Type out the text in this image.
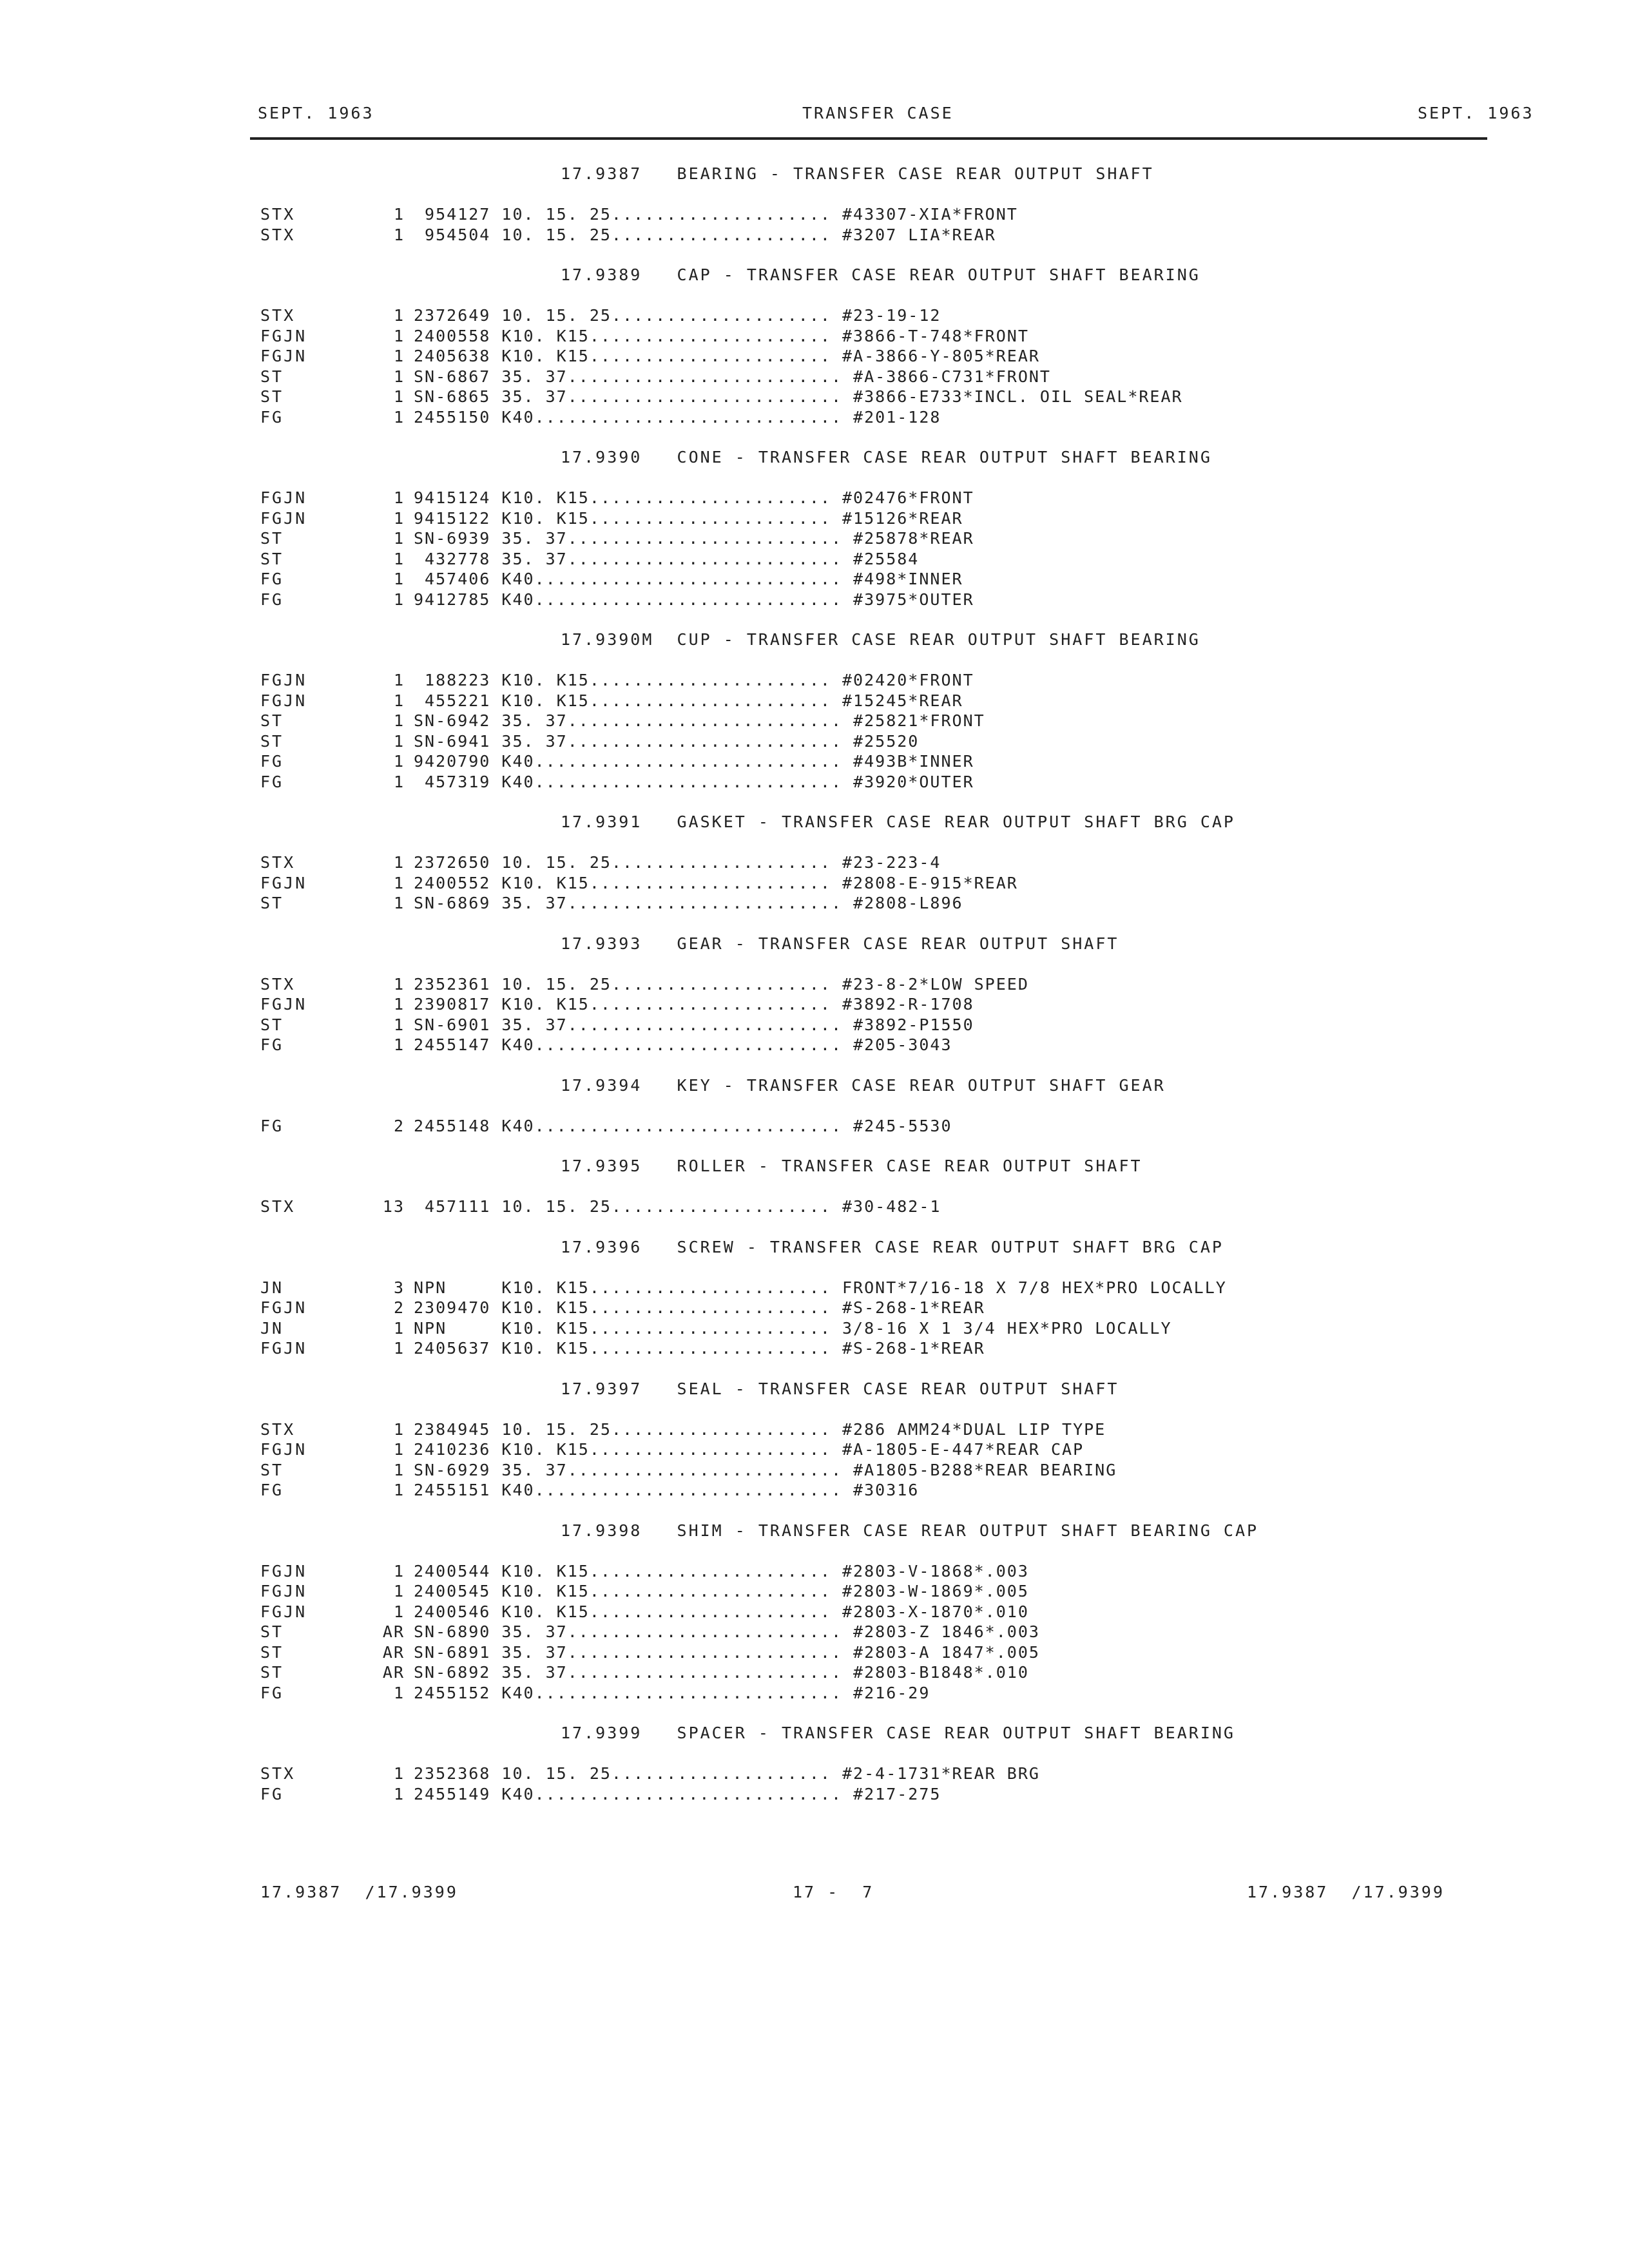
SEPT. 1963	TRANSFER CASE	SEPT. 1963
17.9387   BEARING - TRANSFER CASE REAR OUTPUT SHAFT
STX	1 954127 10. 15. 25.................... #43307-XIA*FRONT
STX	1 954504 10. 15. 25.................... #3207 LIA*REAR
17.9389   CAP - TRANSFER CASE REAR OUTPUT SHAFT BEARING
STX	1 2372649 10. 15. 25.................... #23-19-12
FGJN	1 2400558 K10. K15...................... #3866-T-748*FRONT
FGJN	1 2405638 K10. K15...................... #A-3866-Y-805*REAR
ST	1 SN-6867 35. 37......................... #A-3866-C731*FRONT
ST	1 SN-6865 35. 37......................... #3866-E733*INCL. OIL SEAL*REAR
FG	1 2455150 K40............................ #201-128
17.9390   CONE - TRANSFER CASE REAR OUTPUT SHAFT BEARING
FGJN	1 9415124 K10. K15...................... #02476*FRONT
FGJN	1 9415122 K10. K15...................... #15126*REAR
ST	1 SN-6939 35. 37......................... #25878*REAR
ST	1 432778 35. 37......................... #25584
FG	1 457406 K40............................ #498*INNER
FG	1 9412785 K40............................ #3975*OUTER
17.9390M  CUP - TRANSFER CASE REAR OUTPUT SHAFT BEARING
FGJN	1 188223 K10. K15...................... #02420*FRONT
FGJN	1 455221 K10. K15...................... #15245*REAR
ST	1 SN-6942 35. 37......................... #25821*FRONT
ST	1 SN-6941 35. 37......................... #25520
FG	1 9420790 K40............................ #493B*INNER
FG	1 457319 K40............................ #3920*OUTER
17.9391   GASKET - TRANSFER CASE REAR OUTPUT SHAFT BRG CAP
STX	1 2372650 10. 15. 25.................... #23-223-4
FGJN	1 2400552 K10. K15...................... #2808-E-915*REAR
ST	1 SN-6869 35. 37......................... #2808-L896
17.9393   GEAR - TRANSFER CASE REAR OUTPUT SHAFT
STX	1 2352361 10. 15. 25.................... #23-8-2*LOW SPEED
FGJN	1 2390817 K10. K15...................... #3892-R-1708
ST	1 SN-6901 35. 37......................... #3892-P1550
FG	1 2455147 K40............................ #205-3043
17.9394   KEY - TRANSFER CASE REAR OUTPUT SHAFT GEAR
FG	2 2455148 K40............................ #245-5530
17.9395   ROLLER - TRANSFER CASE REAR OUTPUT SHAFT
STX	13 457111 10. 15. 25.................... #30-482-1
17.9396   SCREW - TRANSFER CASE REAR OUTPUT SHAFT BRG CAP
JN	3 NPN     K10. K15...................... FRONT*7/16-18 X 7/8 HEX*PRO LOCALLY
FGJN	2 2309470 K10. K15...................... #S-268-1*REAR
JN	1 NPN     K10. K15...................... 3/8-16 X 1 3/4 HEX*PRO LOCALLY
FGJN	1 2405637 K10. K15...................... #S-268-1*REAR
17.9397   SEAL - TRANSFER CASE REAR OUTPUT SHAFT
STX	1 2384945 10. 15. 25.................... #286 AMM24*DUAL LIP TYPE
FGJN	1 2410236 K10. K15...................... #A-1805-E-447*REAR CAP
ST	1 SN-6929 35. 37......................... #A1805-B288*REAR BEARING
FG	1 2455151 K40............................ #30316
17.9398   SHIM - TRANSFER CASE REAR OUTPUT SHAFT BEARING CAP
FGJN	1 2400544 K10. K15...................... #2803-V-1868*.003
FGJN	1 2400545 K10. K15...................... #2803-W-1869*.005
FGJN	1 2400546 K10. K15...................... #2803-X-1870*.010
ST	AR SN-6890 35. 37......................... #2803-Z 1846*.003
ST	AR SN-6891 35. 37......................... #2803-A 1847*.005
ST	AR SN-6892 35. 37......................... #2803-B1848*.010
FG	1 2455152 K40............................ #216-29
17.9399   SPACER - TRANSFER CASE REAR OUTPUT SHAFT BEARING
STX	1 2352368 10. 15. 25.................... #2-4-1731*REAR BRG
FG	1 2455149 K40............................ #217-275
17.9387  /17.9399	17 -  7	17.9387  /17.9399
